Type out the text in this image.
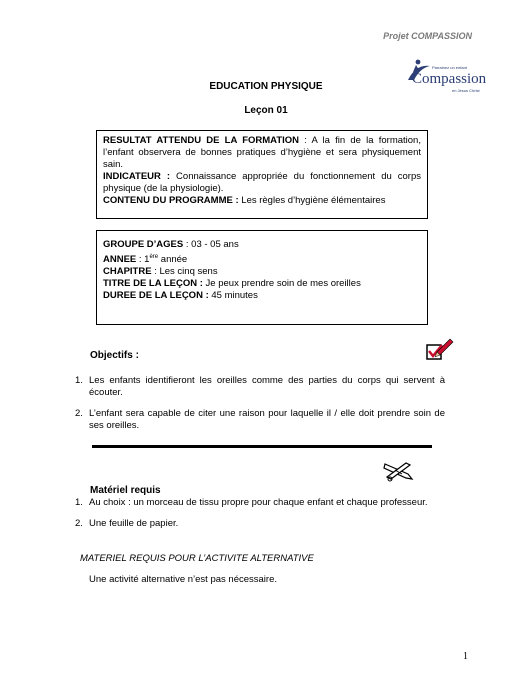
Projet COMPASSION
Parrainez un enfant
Compassion
en Jésus Christ
EDUCATION PHYSIQUE
Leçon 01
RESULTAT ATTENDU DE LA FORMATION : A la fin de la formation, l’enfant observera de bonnes pratiques d’hygiène et sera physiquement sain.
INDICATEUR : Connaissance appropriée du fonctionnement du corps physique (de la physiologie).
CONTENU DU PROGRAMME : Les règles d’hygiène élémentaires
GROUPE D’AGES : 03 - 05 ans
ANNEE : 1ère année
CHAPITRE : Les cinq sens
TITRE DE LA LEÇON : Je peux prendre soin de mes oreilles
DUREE DE LA LEÇON : 45 minutes
Objectifs :
1. Les enfants identifieront les oreilles comme des parties du corps qui servent à écouter.
2. L’enfant sera capable de citer une raison pour laquelle il / elle doit prendre soin de ses oreilles.
Matériel requis
1. Au choix : un morceau de tissu propre pour chaque enfant et chaque professeur.
2. Une feuille de papier.
MATERIEL REQUIS POUR L’ACTIVITE ALTERNATIVE
Une activité alternative n’est pas nécessaire.
1
